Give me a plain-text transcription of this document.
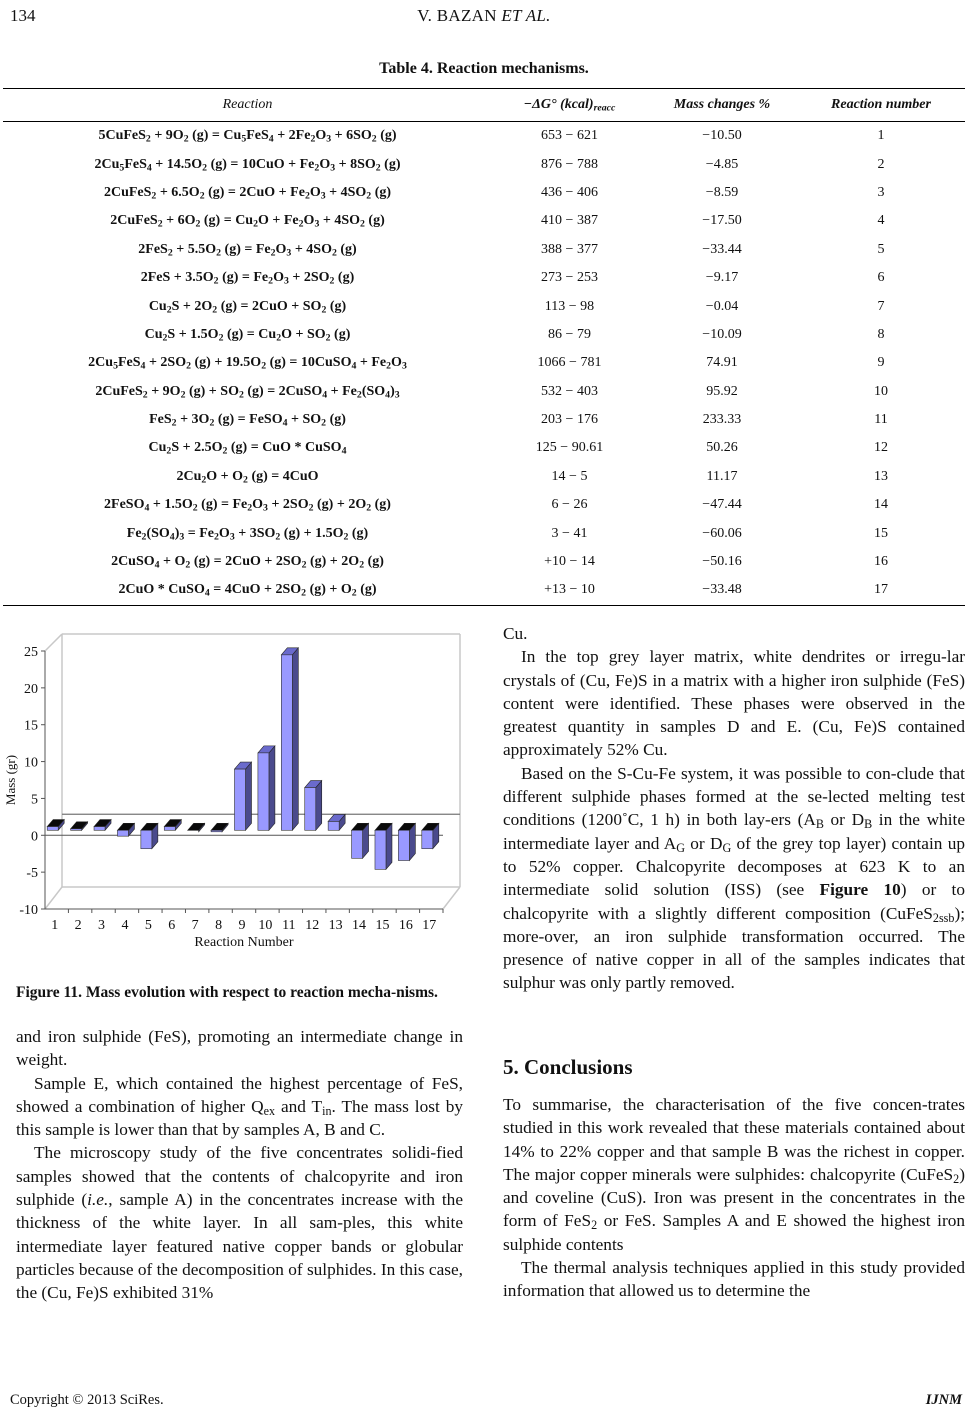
134	V. BAZAN ET AL.
Table 4. Reaction mechanisms.
Reaction	−ΔG° $(kcal)_{reacc}$	Mass changes %	Reaction number
5CuFeS$_2$ + $9O_2$ $(g) = Cu_5FeS_4 + 2Fe_2O_3 + 6SO_2$ (g)	653 − 621	−10.50	1
$2Cu_5FeS_4 + 14.5O_2$ $(g) = 10CuO + Fe_2O_3 + 8SO_2$ (g)	876 − 788	−4.85	2
2CuFeS$_2$ + $6.5O_2$ $(g) = 2CuO + Fe_2O_3 + 4SO_2$ (g)	436 − 406	−8.59	3
2CuFeS$_2$ + $6O_2$ $(g) = Cu_2O + Fe_2O_3 + 4SO_2$ (g)	410 − 387	−17.50	4
$2FeS_2 + 5.5O_2$ $(g) = Fe_2O_3 + 4SO_2$ (g)	388 − 377	−33.44	5
$2FeS + 3.5O_2$ $(g) = Fe_2O_3 + 2SO_2$ (g)	273 − 253	−9.17	6
$Cu_2S + 2O_2$ $(g) = 2CuO + SO_2$ (g)	113 − 98	−0.04	7
$Cu_2S + 1.5O_2$ $(g) = Cu_2O + SO_2$ (g)	86 − 79	−10.09	8
$2Cu_5FeS_4 + 2SO_2$ $(g) + 19.5O_2$ (g) = 10CuSO$_4$ + $Fe_2O_3$	1066 − 781	74.91	9
2CuFeS$_2$ + $9O_2$ $(g) + SO_2$ (g) = 2CuSO$_4$ + $Fe_2(SO_4)_3$	532 − 403	95.92	10
$FeS_2 + 3O_2$ (g) = FeSO$_4$ + $SO_2$ (g)	203 − 176	233.33	11
$Cu_2S + 2.5O_2$ (g) = CuO * CuSO$_4$	125 − 90.61	50.26	12
$2Cu_2O + O_2$ (g) = 4CuO	14 − 5	11.17	13
2FeSO$_4$ + $1.5O_2$ $(g) = Fe_2O_3 + 2SO_2$ $(g) + 2O_2$ (g)	6 − 26	−47.44	14
$Fe_2(SO_4)_3 = Fe_2O_3 + 3SO_2$ $(g) + 1.5O_2$ (g)	3 − 41	−60.06	15
2CuSO$_4$ + $O_2$ $(g) = 2CuO + 2SO_2$ $(g) + 2O_2$ (g)	+10 − 14	−50.16	16
2CuO * CuSO$_4$ = $4CuO + 2SO_2$ $(g) + O_2$ (g)	+13 − 10	−33.48	17
25
20
15
10
5
0
-5
-10
Mass (gr)
1 2 3 4 5 6 7 8 9 10 11 12 13 14 15 16 17
Reaction Number
Figure 11. Mass evolution with respect to reaction mecha-nisms.

and iron sulphide (FeS), promoting an intermediate change in weight.

Sample E, which contained the highest percentage of FeS, showed a combination of higher $Q_{ex}$ and $T_{in}$. The mass lost by this sample is lower than that by samples A, B and C.

The microscopy study of the five concentrates solidi-fied samples showed that the contents of chalcopyrite and iron sulphide (i.e., sample A) in the concentrates increase with the thickness of the white layer. In all sam-ples, this white intermediate layer featured native copper bands or globular particles because of the decomposition of sulphides. In this case, the (Cu, Fe)S exhibited 31%

Cu.

In the top grey layer matrix, white dendrites or irregu-lar crystals of (Cu, Fe)S in a matrix with a higher iron sulphide (FeS) content were identified. These phases were observed in the greatest quantity in samples D and E. (Cu, Fe)S contained approximately 52% Cu.

Based on the S-Cu-Fe system, it was possible to con-clude that different sulphide phases formed at the se-lected melting test conditions (1200˚C, 1 h) in both lay-ers ($A_B$ or $D_B$ in the white intermediate layer and $A_G$ or $D_G$ of the grey top layer) contain up to 52% copper. Chalcopyrite decomposes at 623 K to an intermediate solid solution (ISS) (see Figure 10) or to chalcopyrite with a slightly different composition (CuFeS$_{2ssb}$); more-over, an iron sulphide transformation occurred. The presence of native copper in all of the samples indicates that sulphur was only partly removed.

5. Conclusions

To summarise, the characterisation of the five concen-trates studied in this work revealed that these materials contained about 14% to 22% copper and that sample B was the richest in copper. The major copper minerals were sulphides: chalcopyrite (CuFeS$_2$) and coveline (CuS). Iron was present in the concentrates in the form of FeS$_2$ or FeS. Samples A and E showed the highest iron sulphide contents

The thermal analysis techniques applied in this study provided information that allowed us to determine the

Copyright © 2013 SciRes.	IJNM
